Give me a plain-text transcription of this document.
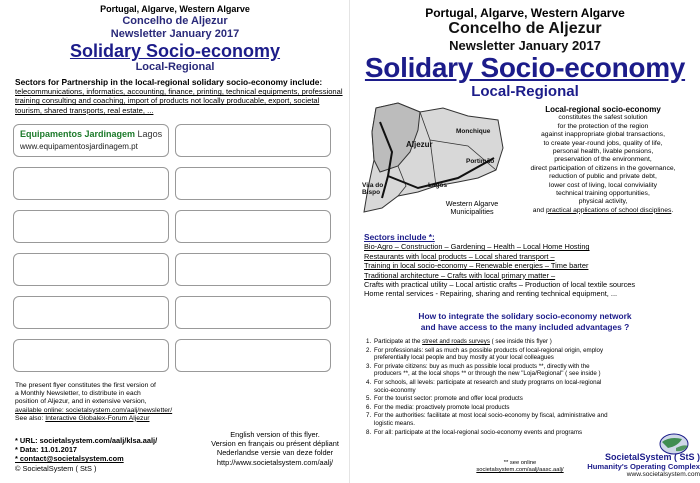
Portugal, Algarve, Western Algarve
Concelho de Aljezur
Newsletter January 2017
Solidary Socio-economy
Local-Regional
Sectors for Partnership in the local-regional solidary socio-economy include:
telecommunications, informatics, accounting, finance, printing, technical equipments, professional training consulting and coaching, import of products not locally producable, export, societal tourism, shared transports, real estate, ...
Equipamentos Jardinagem Lagos
www.equipamentosjardinagem.pt
The present flyer constitutes the first version of
a Monthly Newsletter, to distribute in each
position of Aljezur, and in extensive version,
available online: societalsystem.com/aalj/newsletter/
See also: Interactive Globalex-Forum Aljezur
* URL: societalsystem.com/aalj/klsa.aalj/
* Data: 11.01.2017
* contact@societalsystem.com
© SocietalSystem ( StS )
English version of this flyer.
Version en français ou présent dépliant
Nederlandse versie van deze folder
http://www.societalsystem.com/aalj/
Portugal, Algarve, Western Algarve
Concelho de Aljezur
Newsletter January 2017
Solidary Socio-economy
Local-Regional
Monchique
Aljezur
Portimão
Vila do Bispo
Lagos
Western Algarve Municipalities
Local-regional socio-economy
constitutes the safest solution
for the protection of the region
against inappropriate global transactions,
to create year-round jobs, quality of life,
personal health, livable pensions,
preservation of the environment,
direct participation of citizens in the governance,
reduction of public and private debt,
lower cost of living, local conviviality
technical training opportunities,
physical activity,
and practical applications of school disciplines.
Sectors include *:
Bio-Agro – Construction – Gardening – Health – Local Home Hosting
Restaurants with local products – Local shared transport –
Training in local socio-economy – Renewable energies – Time barter
Traditional architecture – Crafts with local primary matter –
Crafts with practical utility – Local artistic crafts – Production of local textile sources
Home rental services - Repairing, sharing and renting technical equipment, ...
How to integrate the solidary socio-economy network
and have access to the many included advantages ?
1. Participate at the street and roads surveys ( see inside this flyer )
2. For professionals: sell as much as possible products of local-regional origin, employ preferentially local people and buy mostly at your local colleagues
3. For private citizens: buy as much as possible local products **, directly with the producers **, at the local shops ** or through the new "Loja/Regional" ( see inside )
4. For schools, all levels: participate at research and study programs on local-regional socio-economy
5. For the tourist sector: promote and offer local products
6. For the media: proactively promote local products
7. For the authorities: facilitate at most local socio-economy by fiscal, administrative and logistic means.
8. For all: participate at the local-regional socio-economy events and programs
** see online
societalsystem.com/aalj/aasc.aalj/
SocietalSystem ( StS )
Humanity's Operating Complex
www.societalsystem.com
